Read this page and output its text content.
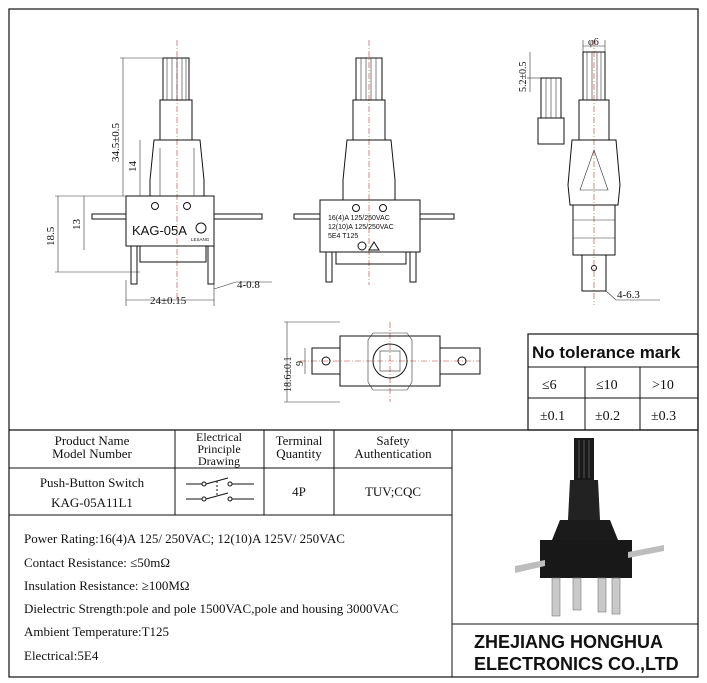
KAG-05A
LESANG
34.5±0.5
14
18.5
13
24±0.15
4-0.8
16(4)A 125/250VAC
12(10)A 125/250VAC
5E4 T125
φ6
5.2±0.5
4-6.3
18.6±0.1 9
No tolerance mark
≤6	≤10 >10
±0.1 ±0.2 ±0.3
Product Name Model Number
Electrical Principle Drawing
Terminal Quantity
Safety Authentication
Push-Button Switch
KAG-05A11L1
4P	TUV;CQC
Power Rating:16(4)A 125/ 250VAC; 12(10)A 125V/ 250VAC
Contact Resistance: ≤50mΩ
Insulation Resistance: ≥100MΩ
Dielectric Strength:pole and pole 1500VAC,pole and housing 3000VAC
Ambient Temperature:T125
Electrical:5E4
ZHEJIANG HONGHUA
ELECTRONICS CO.,LTD
